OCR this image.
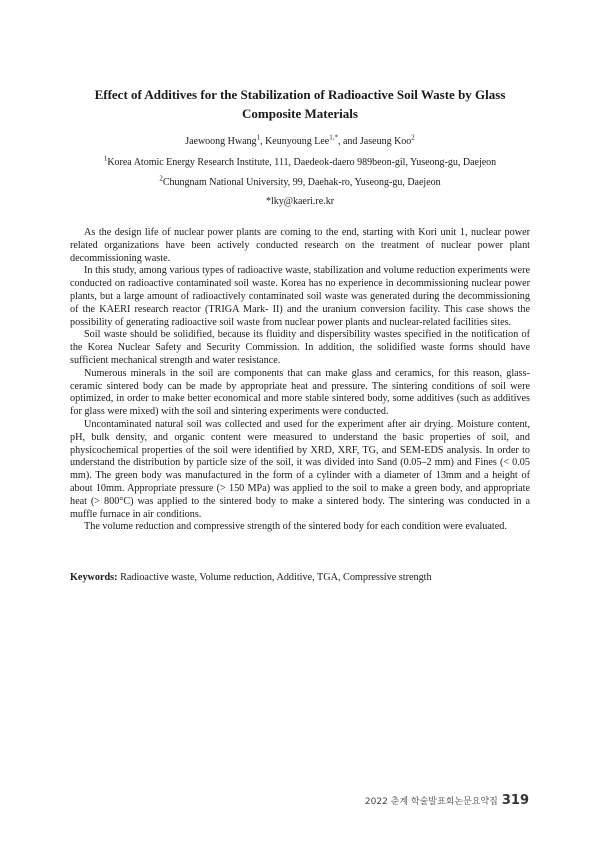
Effect of Additives for the Stabilization of Radioactive Soil Waste by Glass Composite Materials
Jaewoong Hwang$^1$, Keunyoung Lee$^{1,*}$, and Jaseung Koo$^2$
$^1$Korea Atomic Energy Research Institute, 111, Daedeok-daero 989beon-gil, Yuseong-gu, Daejeon
$^2$Chungnam National University, 99, Daehak-ro, Yuseong-gu, Daejeon
*lky@kaeri.re.kr

As the design life of nuclear power plants are coming to the end, starting with Kori unit 1, nuclear power related organizations have been actively conducted research on the treatment of nuclear power plant decommissioning waste.

In this study, among various types of radioactive waste, stabilization and volume reduction experiments were conducted on radioactive contaminated soil waste. Korea has no experience in decommissioning nuclear power plants, but a large amount of radioactively contaminated soil waste was generated during the decommissioning of the KAERI research reactor (TRIGA Mark- II) and the uranium conversion facility. This case shows the possibility of generating radioactive soil waste from nuclear power plants and nuclear-related facilities sites.

Soil waste should be solidified, because its fluidity and dispersibility wastes specified in the notification of the Korea Nuclear Safety and Security Commission. In addition, the solidified waste forms should have sufficient mechanical strength and water resistance.

Numerous minerals in the soil are components that can make glass and ceramics, for this reason, glass-ceramic sintered body can be made by appropriate heat and pressure. The sintering conditions of soil were optimized, in order to make better economical and more stable sintered body, some additives (such as additives for glass were mixed) with the soil and sintering experiments were conducted.

Uncontaminated natural soil was collected and used for the experiment after air drying. Moisture content, pH, bulk density, and organic content were measured to understand the basic properties of soil, and physicochemical properties of the soil were identified by XRD, XRF, TG, and SEM-EDS analysis. In order to understand the distribution by particle size of the soil, it was divided into Sand (0.05–2 mm) and Fines (< 0.05 mm). The green body was manufactured in the form of a cylinder with a diameter of 13mm and a height of about 10mm. Appropriate pressure (> 150 MPa) was applied to the soil to make a green body, and appropriate heat (> 800°C) was applied to the sintered body to make a sintered body. The sintering was conducted in a muffle furnace in air conditions.

The volume reduction and compressive strength of the sintered body for each condition were evaluated.

Keywords: Radioactive waste, Volume reduction, Additive, TGA, Compressive strength
2022 춘계 학술발표회논문요약집 319
